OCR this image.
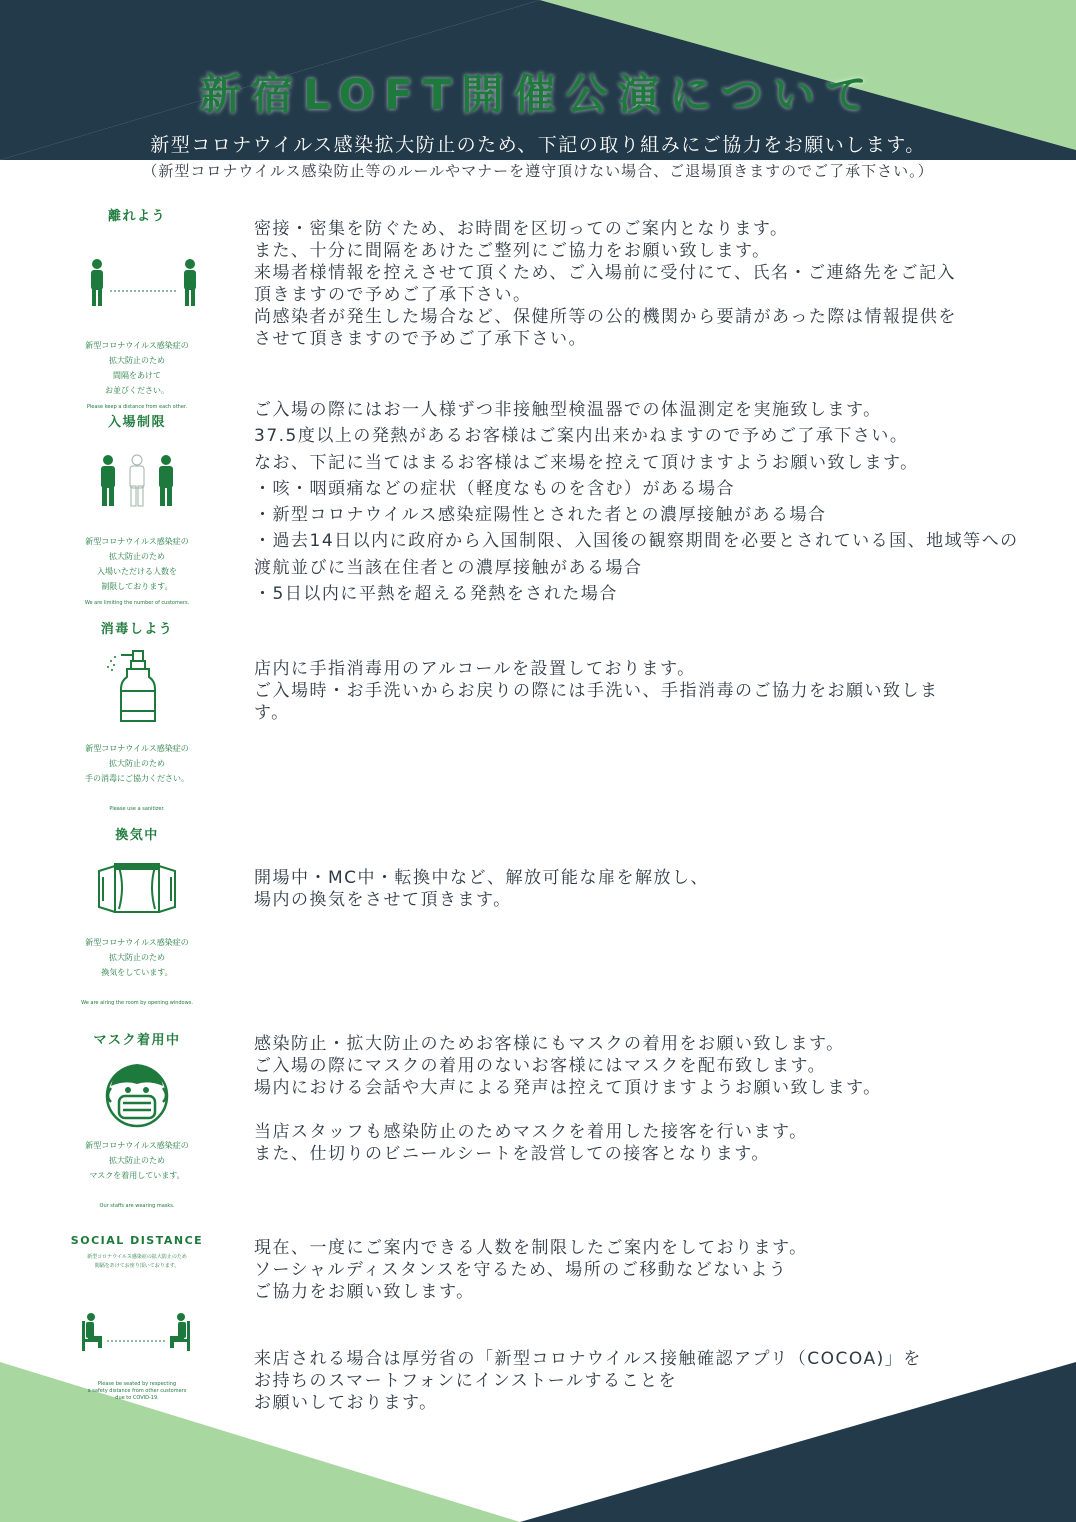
新宿LOFT開催公演について
新型コロナウイルス感染拡大防止のため、下記の取り組みにご協力をお願いします。
（新型コロナウイルス感染防止等のルールやマナーを遵守頂けない場合、ご退場頂きますのでご了承下さい。）
離れよう
新型コロナウイルス感染症の
拡大防止のため
間隔をあけて
お並びください。
Please keep a distance from each other.
密接・密集を防ぐため、お時間を区切ってのご案内となります。
また、十分に間隔をあけたご整列にご協力をお願い致します。
来場者様情報を控えさせて頂くため、ご入場前に受付にて、氏名・ご連絡先をご記入
頂きますので予めご了承下さい。
尚感染者が発生した場合など、保健所等の公的機関から要請があった際は情報提供を
させて頂きますので予めご了承下さい。
入場制限
新型コロナウイルス感染症の
拡大防止のため
入場いただける人数を
制限しております。
We are limiting the number of customers.
ご入場の際にはお一人様ずつ非接触型検温器での体温測定を実施致します。
37.5度以上の発熱があるお客様はご案内出来かねますので予めご了承下さい。
なお、下記に当てはまるお客様はご来場を控えて頂けますようお願い致します。
・咳・咽頭痛などの症状（軽度なものを含む）がある場合
・新型コロナウイルス感染症陽性とされた者との濃厚接触がある場合
・過去14日以内に政府から入国制限、入国後の観察期間を必要とされている国、地域等への
渡航並びに当該在住者との濃厚接触がある場合
・5日以内に平熱を超える発熱をされた場合
消毒しよう
新型コロナウイルス感染症の
拡大防止のため
手の消毒にご協力ください。
Please use a sanitizer.
店内に手指消毒用のアルコールを設置しております。
ご入場時・お手洗いからお戻りの際には手洗い、手指消毒のご協力をお願い致しま
す。
換気中
新型コロナウイルス感染症の
拡大防止のため
換気をしています。
We are airing the room by opening windows.
開場中・MC中・転換中など、解放可能な扉を解放し、
場内の換気をさせて頂きます。
マスク着用中
新型コロナウイルス感染症の
拡大防止のため
マスクを着用しています。
Our staffs are wearing masks.
感染防止・拡大防止のためお客様にもマスクの着用をお願い致します。
ご入場の際にマスクの着用のないお客様にはマスクを配布致します。
場内における会話や大声による発声は控えて頂けますようお願い致します。
当店スタッフも感染防止のためマスクを着用した接客を行います。
また、仕切りのビニールシートを設営しての接客となります。
SOCIAL DISTANCE
新型コロナウイルス感染症の拡大防止のため
間隔をあけてお座り頂いております。
Please be seated by respecting
a safety distance from other customers
due to COVID-19.
現在、一度にご案内できる人数を制限したご案内をしております。
ソーシャルディスタンスを守るため、場所のご移動などないよう
ご協力をお願い致します。
来店される場合は厚労省の「新型コロナウイルス接触確認アプリ（COCOA)」を
お持ちのスマートフォンにインストールすることを
お願いしております。
